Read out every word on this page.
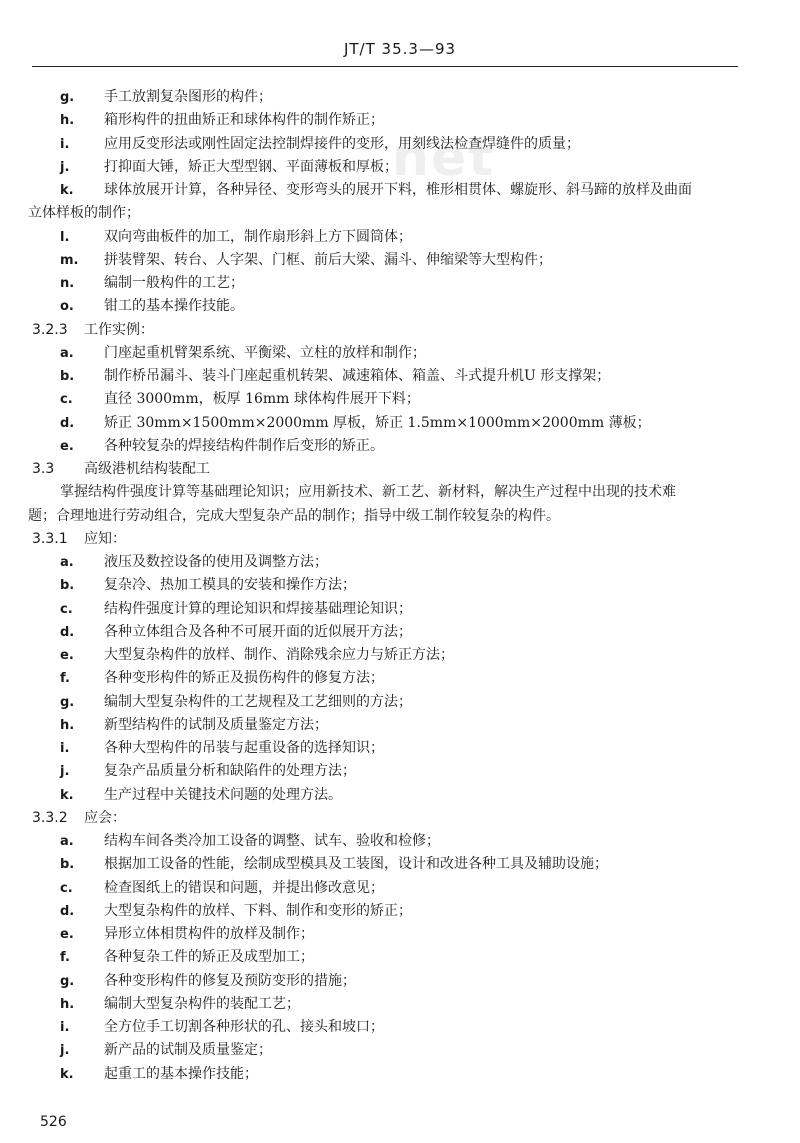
JT/T 35.3—93
net
g. 手工放割复杂图形的构件；
h. 箱形构件的扭曲矫正和球体构件的制作矫正；
i. 应用反变形法或刚性固定法控制焊接件的变形，用刻线法检查焊缝件的质量；
j. 打抑面大锤，矫正大型型钢、平面薄板和厚板；
k. 球体放展开计算，各种异径、变形弯头的展开下料，椎形相贯体、螺旋形、斜马蹄的放样及曲面
立体样板的制作；
l. 双向弯曲板件的加工，制作扇形斜上方下圆筒体；
m. 拼装臂架、转台、人字架、门框、前后大梁、漏斗、伸缩梁等大型构件；
n. 编制一般构件的工艺；
o. 钳工的基本操作技能。
3.2.3 工作实例：
a. 门座起重机臂架系统、平衡梁、立柱的放样和制作；
b. 制作桥吊漏斗、装斗门座起重机转架、减速箱体、箱盖、斗式提升机U 形支撑架；
c. 直径 3000mm，板厚 16mm 球体构件展开下料；
d. 矫正 30mm×1500mm×2000mm 厚板，矫正 1.5mm×1000mm×2000mm 薄板；
e. 各种较复杂的焊接结构件制作后变形的矫正。
3.3 高级港机结构装配工
掌握结构件强度计算等基础理论知识；应用新技术、新工艺、新材料，解决生产过程中出现的技术难
题；合理地进行劳动组合，完成大型复杂产品的制作；指导中级工制作较复杂的构件。
3.3.1 应知：
a. 液压及数控设备的使用及调整方法；
b. 复杂冷、热加工模具的安装和操作方法；
c. 结构件强度计算的理论知识和焊接基础理论知识；
d. 各种立体组合及各种不可展开面的近似展开方法；
e. 大型复杂构件的放样、制作、消除残余应力与矫正方法；
f. 各种变形构件的矫正及损伤构件的修复方法；
g. 编制大型复杂构件的工艺规程及工艺细则的方法；
h. 新型结构件的试制及质量鉴定方法；
i. 各种大型构件的吊装与起重设备的选择知识；
j. 复杂产品质量分析和缺陷件的处理方法；
k. 生产过程中关键技术问题的处理方法。
3.3.2 应会：
a. 结构车间各类冷加工设备的调整、试车、验收和检修；
b. 根据加工设备的性能，绘制成型模具及工装图，设计和改进各种工具及辅助设施；
c. 检查图纸上的错误和问题，并提出修改意见；
d. 大型复杂构件的放样、下料、制作和变形的矫正；
e. 异形立体相贯构件的放样及制作；
f. 各种复杂工件的矫正及成型加工；
g. 各种变形构件的修复及预防变形的措施；
h. 编制大型复杂构件的装配工艺；
i. 全方位手工切割各种形状的孔、接头和坡口；
j. 新产品的试制及质量鉴定；
k. 起重工的基本操作技能；
526
